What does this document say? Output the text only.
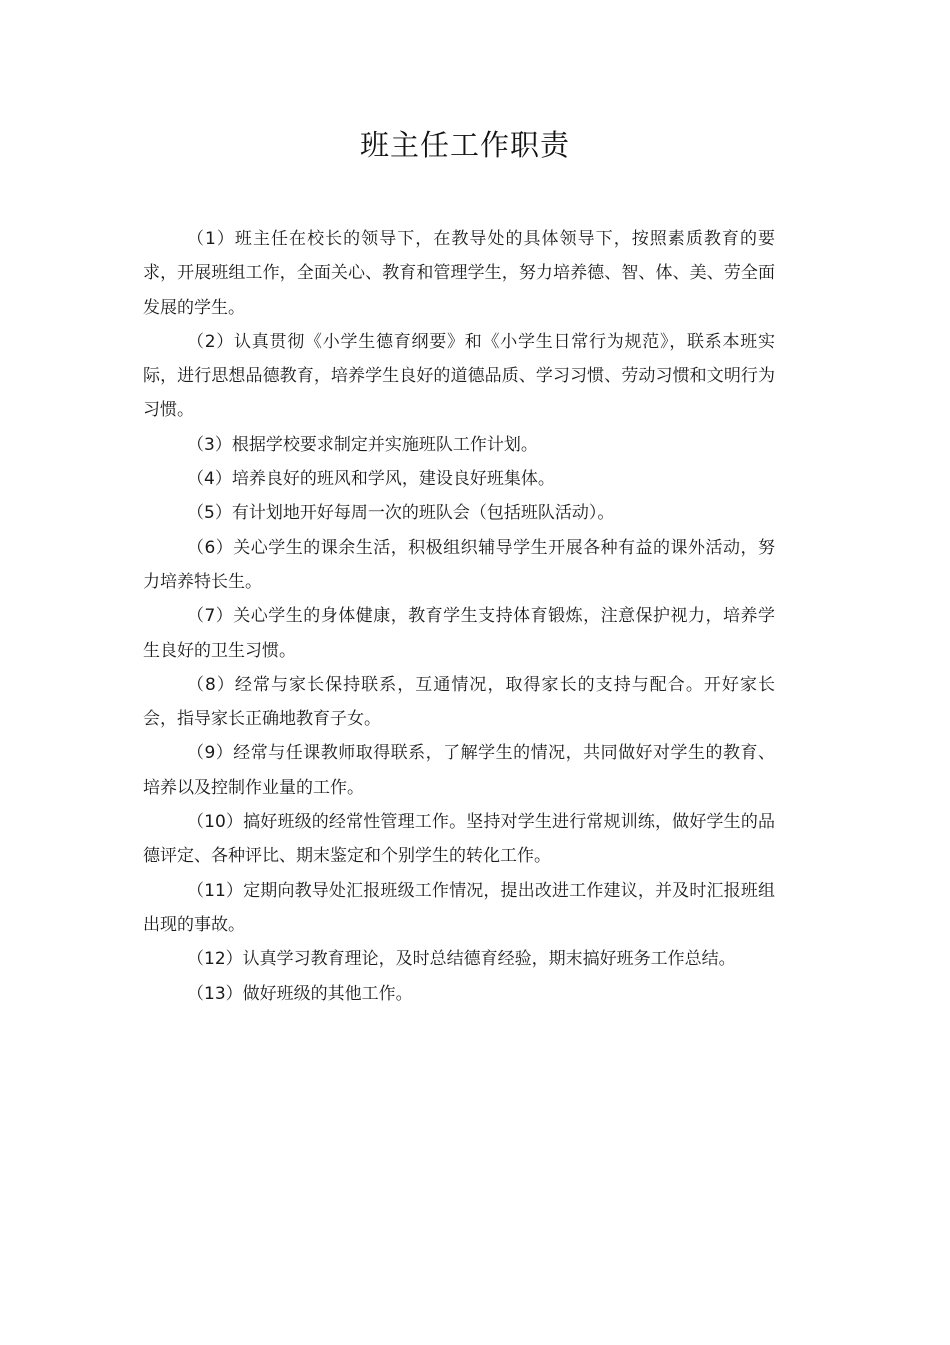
班主任工作职责

（1）班主任在校长的领导下，在教导处的具体领导下，按照素质教育的要求，开展班组工作，全面关心、教育和管理学生，努力培养德、智、体、美、劳全面发展的学生。

（2）认真贯彻《小学生德育纲要》和《小学生日常行为规范》，联系本班实际，进行思想品德教育，培养学生良好的道德品质、学习习惯、劳动习惯和文明行为习惯。

（3）根据学校要求制定并实施班队工作计划。

（4）培养良好的班风和学风，建设良好班集体。

（5）有计划地开好每周一次的班队会（包括班队活动）。

（6）关心学生的课余生活，积极组织辅导学生开展各种有益的课外活动，努力培养特长生。

（7）关心学生的身体健康，教育学生支持体育锻炼，注意保护视力，培养学生良好的卫生习惯。

（8）经常与家长保持联系，互通情况，取得家长的支持与配合。开好家长会，指导家长正确地教育子女。

（9）经常与任课教师取得联系，了解学生的情况，共同做好对学生的教育、培养以及控制作业量的工作。

（10）搞好班级的经常性管理工作。坚持对学生进行常规训练，做好学生的品德评定、各种评比、期末鉴定和个别学生的转化工作。

（11）定期向教导处汇报班级工作情况，提出改进工作建议，并及时汇报班组出现的事故。

（12）认真学习教育理论，及时总结德育经验，期末搞好班务工作总结。

（13）做好班级的其他工作。
